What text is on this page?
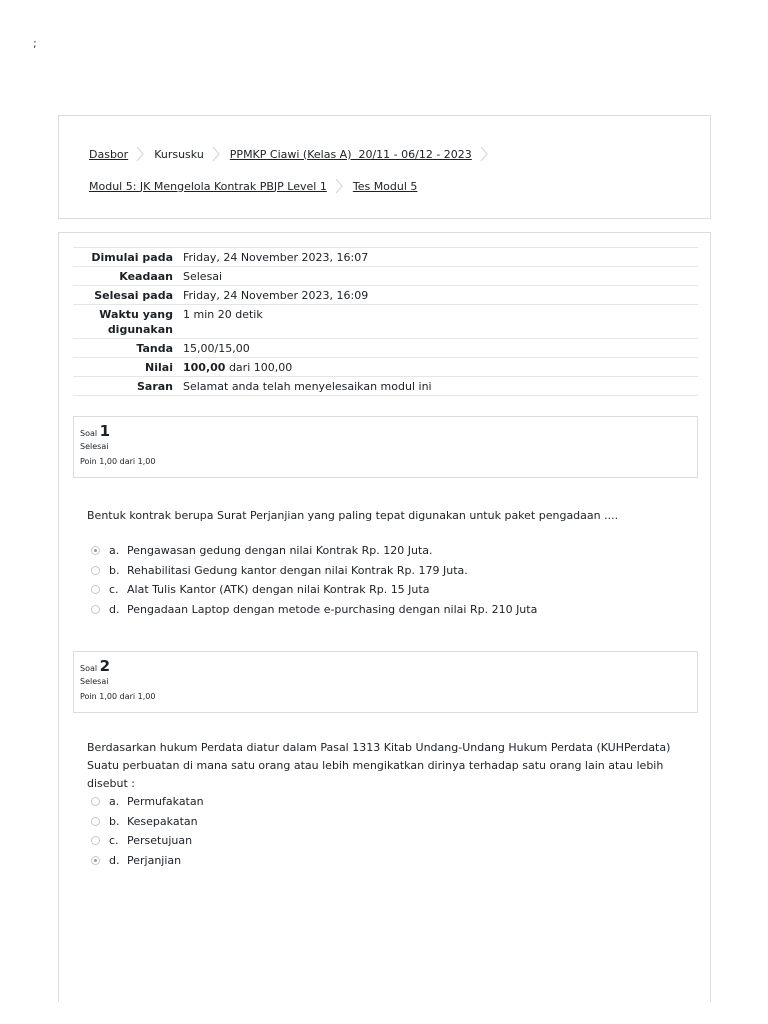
;
Dasbor Kursusku PPMKP Ciawi (Kelas A)  20/11 - 06/12 - 2023
Modul 5: JK Mengelola Kontrak PBJP Level 1 Tes Modul 5
Dimulai pada Friday, 24 November 2023, 16:07
Keadaan Selesai
Selesai pada Friday, 24 November 2023, 16:09
Waktu yang digunakan
1 min 20 detik
Tanda 15,00/15,00
Nilai 100,00 dari 100,00
Saran Selamat anda telah menyelesaikan modul ini
Soal 1
Selesai
Poin 1,00 dari 1,00
Bentuk kontrak berupa Surat Perjanjian yang paling tepat digunakan untuk paket pengadaan ....
a. Pengawasan gedung dengan nilai Kontrak Rp. 120 Juta.
b. Rehabilitasi Gedung kantor dengan nilai Kontrak Rp. 179 Juta.
c. Alat Tulis Kantor (ATK) dengan nilai Kontrak Rp. 15 Juta
d. Pengadaan Laptop dengan metode e-purchasing dengan nilai Rp. 210 Juta
Soal 2
Selesai
Poin 1,00 dari 1,00
Berdasarkan hukum Perdata diatur dalam Pasal 1313 Kitab Undang-Undang Hukum Perdata (KUHPerdata) Suatu perbuatan di mana satu orang atau lebih mengikatkan dirinya terhadap satu orang lain atau lebih disebut :
a. Permufakatan
b. Kesepakatan
c. Persetujuan
d. Perjanjian
